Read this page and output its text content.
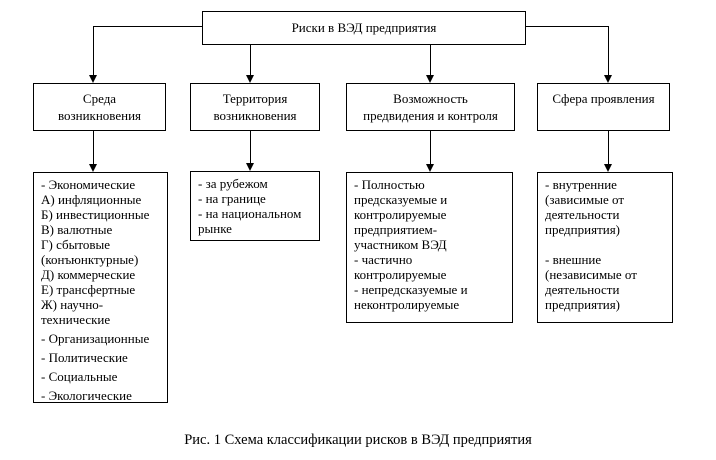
Риски в ВЭД предприятия
Среда
возникновения
Территория
возникновения
Возможность
предвидения и контроля
Сфера проявления
- Экономические
А) инфляционные
Б) инвестиционные
В) валютные
Г) сбытовые (конъюнктурные)
Д) коммерческие
Е) трансфертные
Ж) научно-технические
- Организационные
- Политические
- Социальные
- Экологические
- за рубежом
- на границе
- на национальном рынке
- Полностью предсказуемые и контролируемые предприятием-участником ВЭД
- частично контролируемые
- непредсказуемые и неконтролируемые
- внутренние (зависимые от деятельности предприятия)
- внешние (независимые от деятельности предприятия)
Рис. 1 Схема классификации рисков в ВЭД предприятия
